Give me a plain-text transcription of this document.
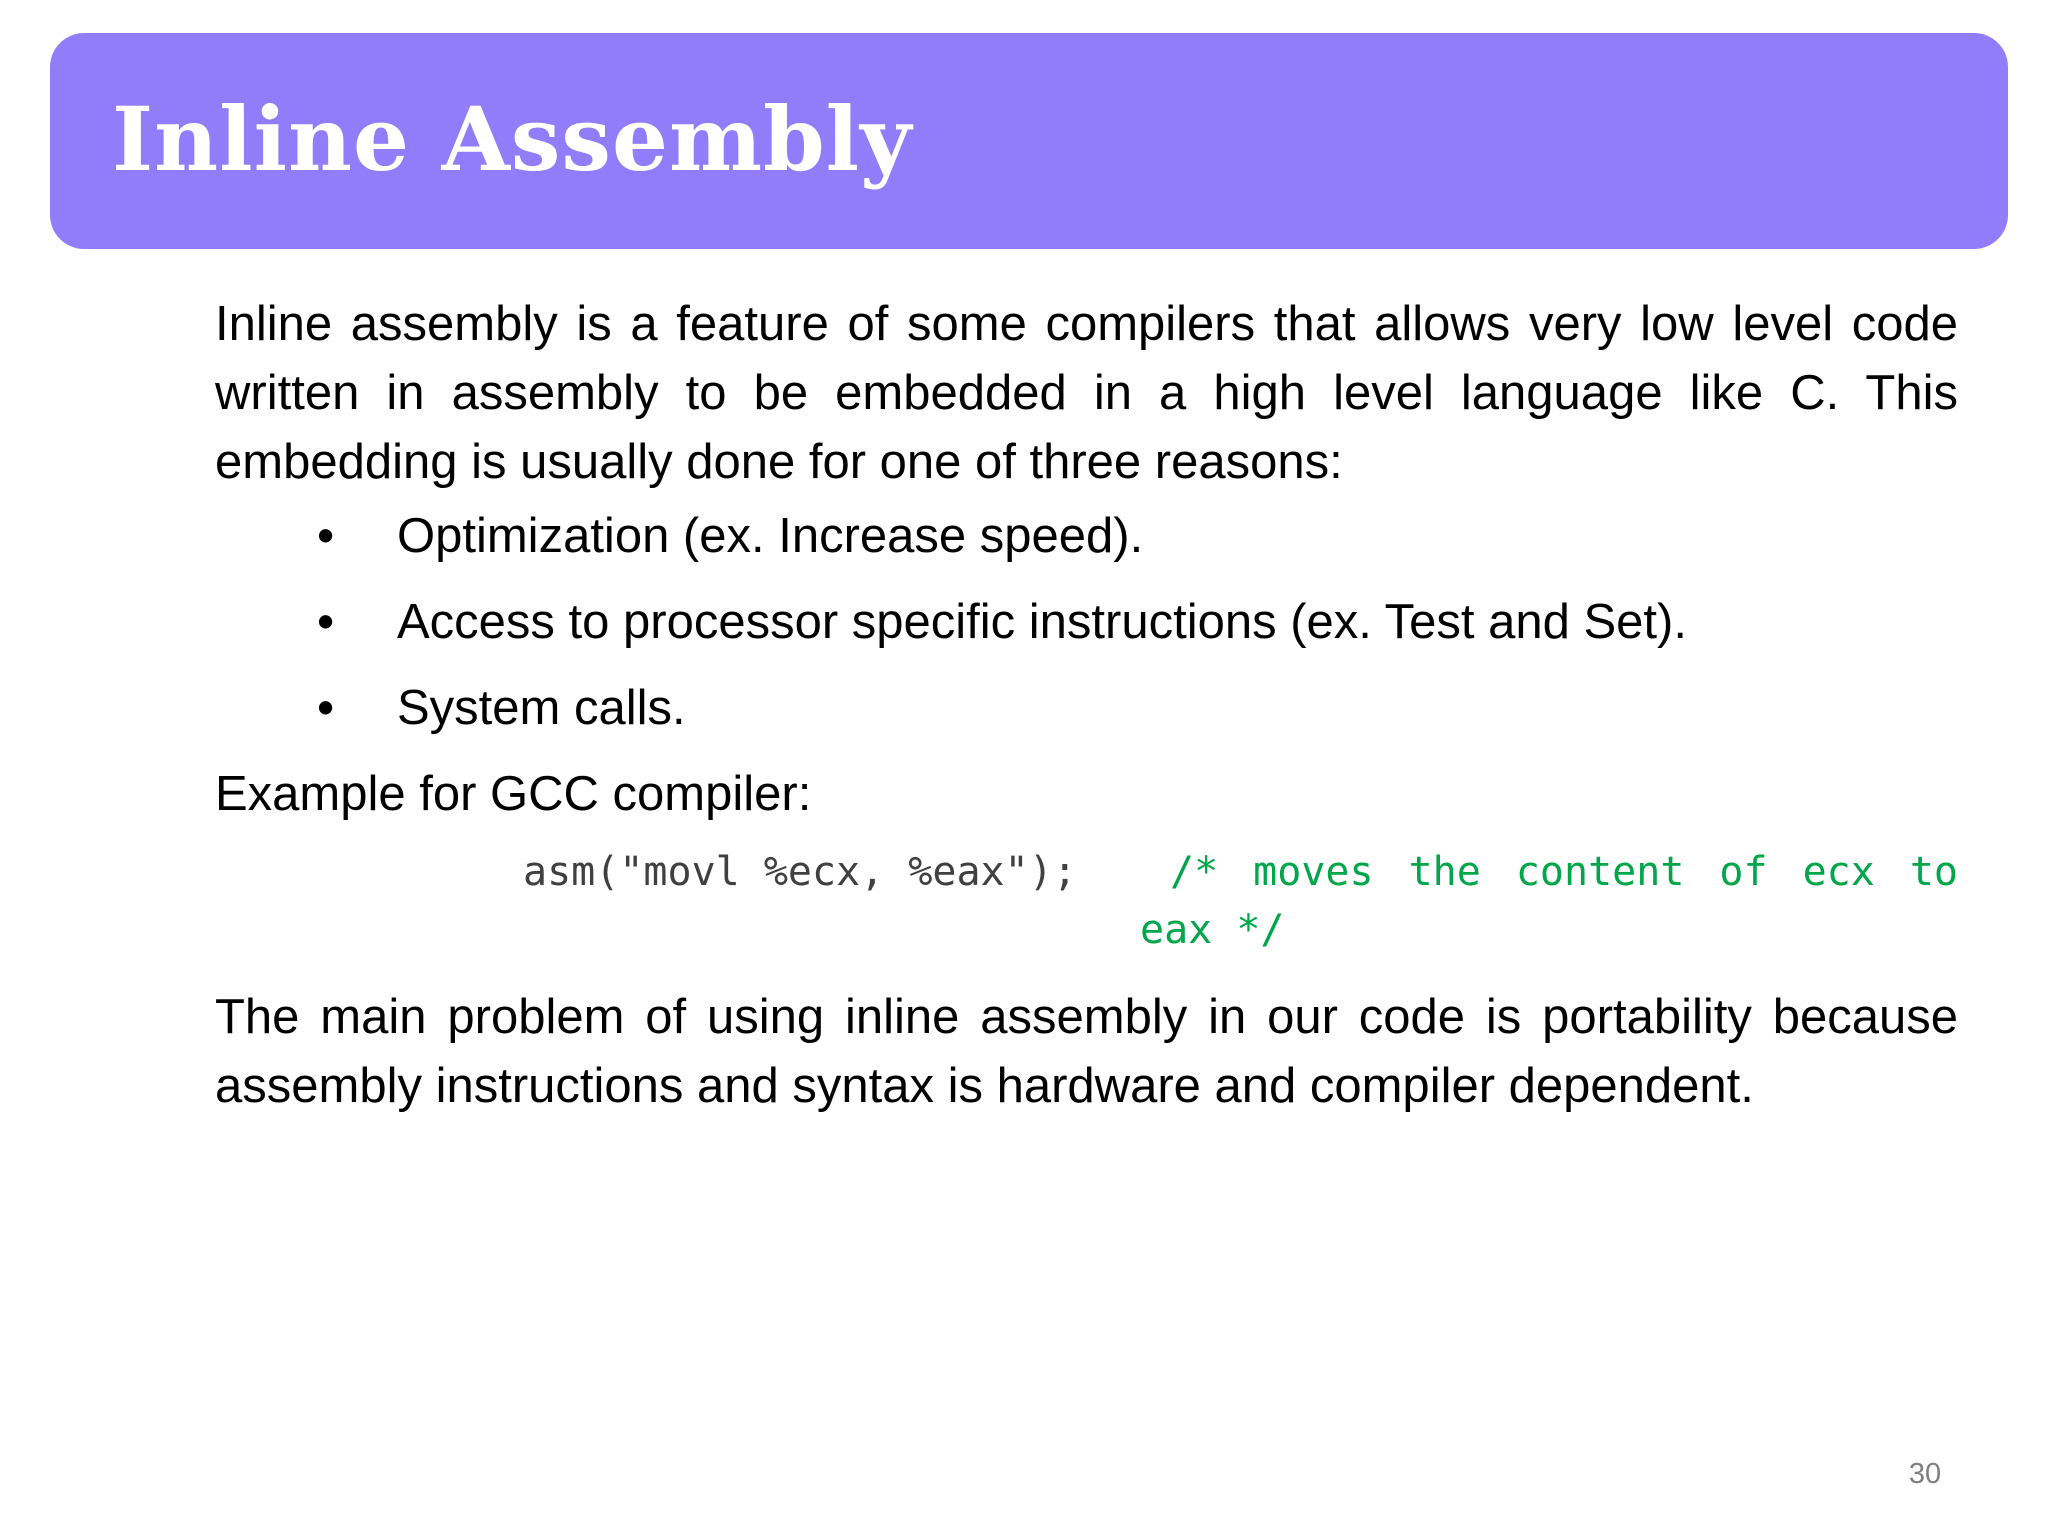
Inline Assembly

Inline assembly is a feature of some compilers that allows very low level code written in assembly to be embedded in a high level language like C. This embedding is usually done for one of three reasons:

• Optimization (ex. Increase speed).
• Access to processor specific instructions (ex. Test and Set).
• System calls.

Example for GCC compiler:

asm("movl %ecx, %eax");

/* moves the content of ecx to

eax */

The main problem of using inline assembly in our code is portability because assembly instructions and syntax is hardware and compiler dependent.

30
